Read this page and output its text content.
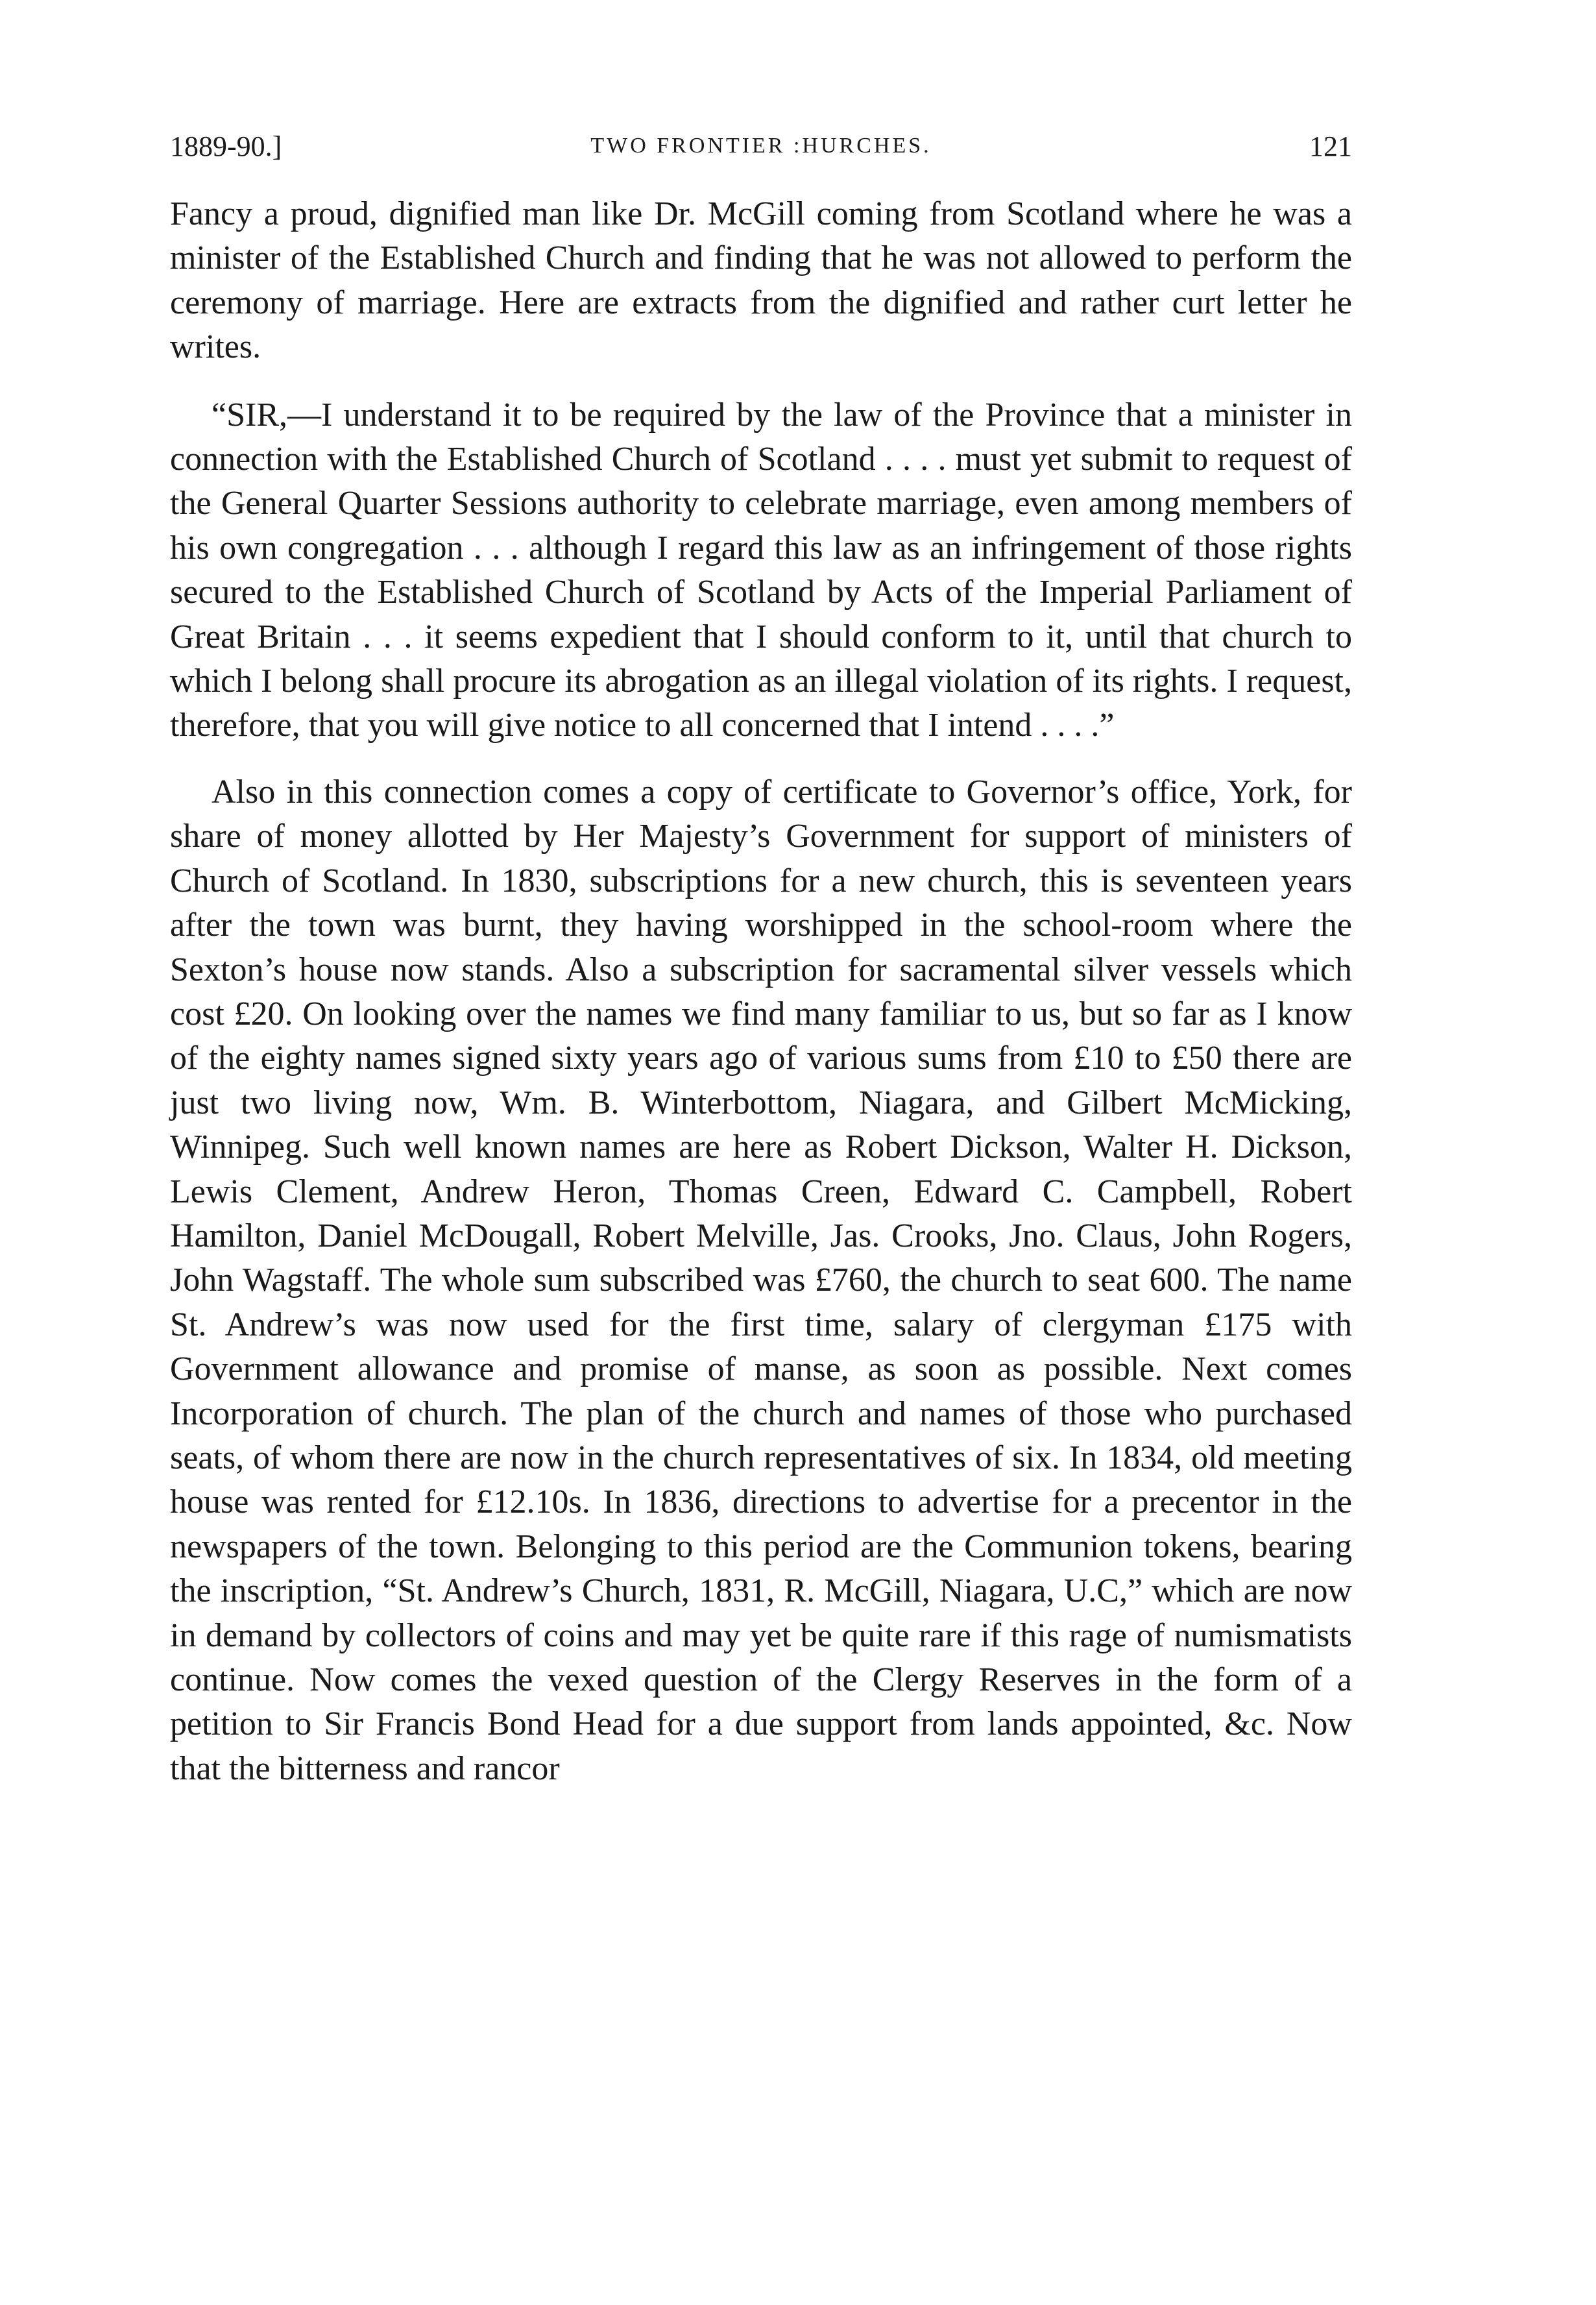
1889-90.]	TWO FRONTIER :HURCHES.	121

Fancy a proud, dignified man like Dr. McGill coming from Scotland where he was a minister of the Established Church and finding that he was not allowed to perform the ceremony of marriage. Here are extracts from the dignified and rather curt letter he writes.

“SIR,—I understand it to be required by the law of the Province that a minister in connection with the Established Church of Scotland . . . . must yet submit to request of the General Quarter Sessions authority to celebrate marriage, even among members of his own congregation . . . although I regard this law as an infringement of those rights secured to the Established Church of Scotland by Acts of the Imperial Parliament of Great Britain . . . it seems expedient that I should conform to it, until that church to which I belong shall procure its abrogation as an illegal violation of its rights. I request, therefore, that you will give notice to all concerned that I intend . . . .”

Also in this connection comes a copy of certificate to Governor’s office, York, for share of money allotted by Her Majesty’s Government for support of ministers of Church of Scotland. In 1830, subscriptions for a new church, this is seventeen years after the town was burnt, they having worshipped in the school-room where the Sexton’s house now stands. Also a subscription for sacramental silver vessels which cost £20. On looking over the names we find many familiar to us, but so far as I know of the eighty names signed sixty years ago of various sums from £10 to £50 there are just two living now, Wm. B. Winterbottom, Niagara, and Gilbert McMicking, Winnipeg. Such well known names are here as Robert Dickson, Walter H. Dickson, Lewis Clement, Andrew Heron, Thomas Creen, Edward C. Campbell, Robert Hamilton, Daniel McDougall, Robert Melville, Jas. Crooks, Jno. Claus, John Rogers, John Wagstaff. The whole sum subscribed was £760, the church to seat 600. The name St. Andrew’s was now used for the first time, salary of clergyman £175 with Government allowance and promise of manse, as soon as possible. Next comes Incorporation of church. The plan of the church and names of those who purchased seats, of whom there are now in the church representatives of six. In 1834, old meeting house was rented for £12.10s. In 1836, directions to advertise for a precentor in the newspapers of the town. Belonging to this period are the Communion tokens, bearing the inscription, “St. Andrew’s Church, 1831, R. McGill, Niagara, U.C,” which are now in demand by collectors of coins and may yet be quite rare if this rage of numismatists continue. Now comes the vexed question of the Clergy Reserves in the form of a petition to Sir Francis Bond Head for a due support from lands appointed, &c. Now that the bitterness and rancor
